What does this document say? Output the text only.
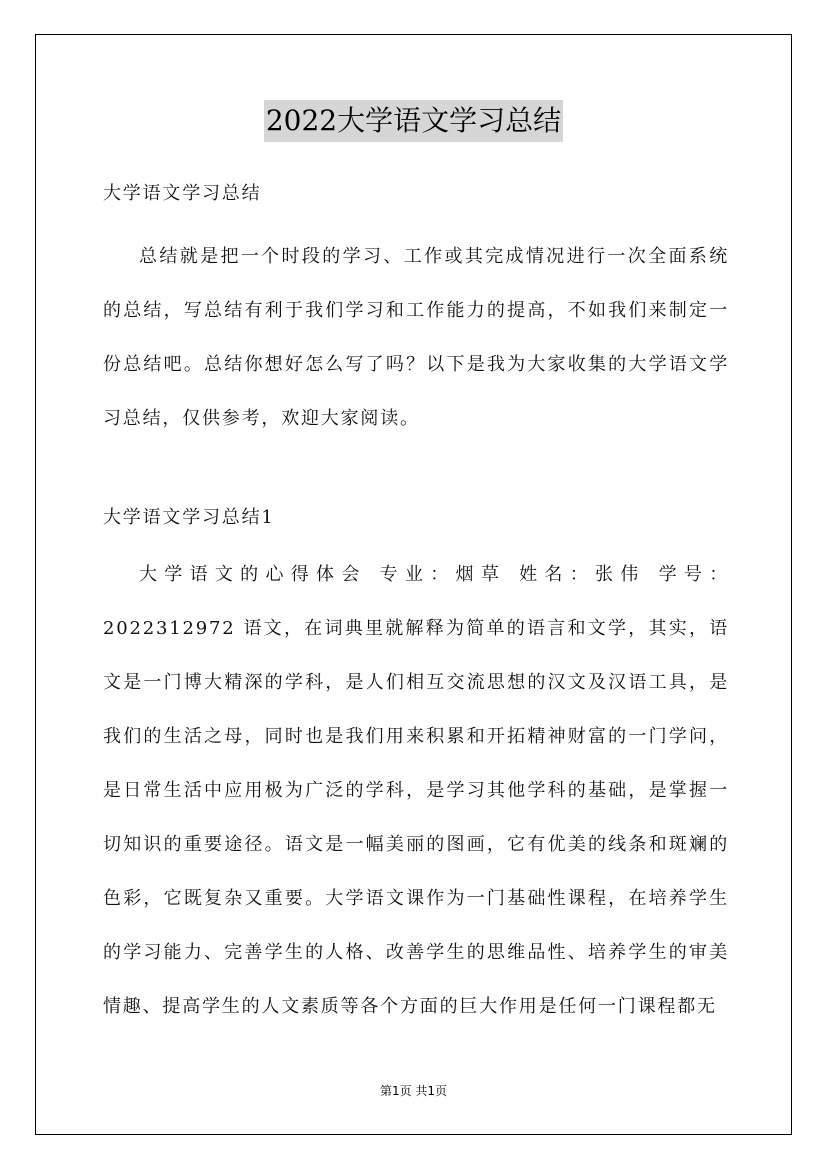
2022大学语文学习总结

大学语文学习总结

总结就是把一个时段的学习、工作或其完成情况进行一次全面系统的总结，写总结有利于我们学习和工作能力的提高，不如我们来制定一份总结吧。总结你想好怎么写了吗？以下是我为大家收集的大学语文学习总结，仅供参考，欢迎大家阅读。

大学语文学习总结1

大学语文的心得体会 专业：烟草 姓名：张伟 学号：2022312972 语文，在词典里就解释为简单的语言和文学，其实，语文是一门博大精深的学科，是人们相互交流思想的汉文及汉语工具，是我们的生活之母，同时也是我们用来积累和开拓精神财富的一门学问，是日常生活中应用极为广泛的学科，是学习其他学科的基础，是掌握一切知识的重要途径。语文是一幅美丽的图画，它有优美的线条和斑斓的色彩，它既复杂又重要。大学语文课作为一门基础性课程，在培养学生的学习能力、完善学生的人格、改善学生的思维品性、培养学生的审美情趣、提高学生的人文素质等各个方面的巨大作用是任何一门课程都无

第1页 共1页
